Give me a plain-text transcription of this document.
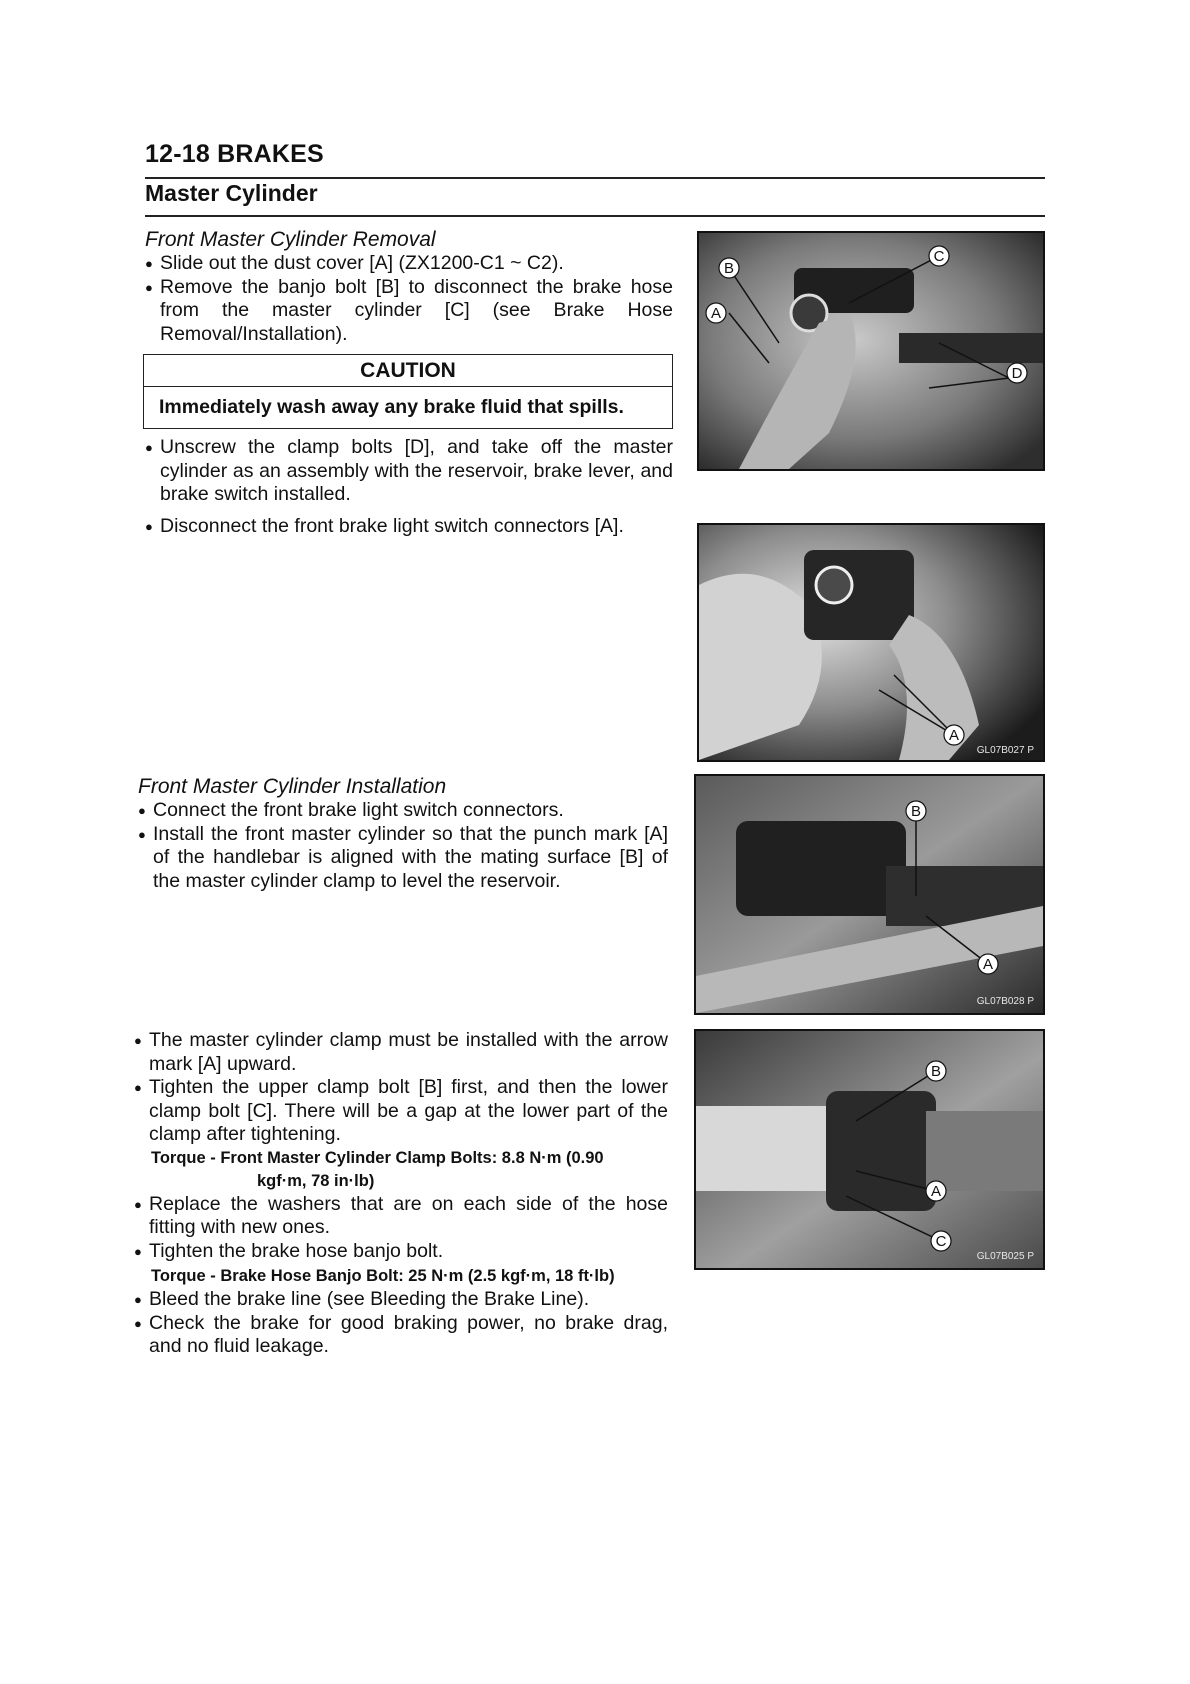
12-18 BRAKES
Master Cylinder
Front Master Cylinder Removal
● Slide out the dust cover [A] (ZX1200-C1 ~ C2).
● Remove the banjo bolt [B] to disconnect the brake hose from the master cylinder [C] (see Brake Hose Removal/Installation).
CAUTION
Immediately wash away any brake fluid that spills.
● Unscrew the clamp bolts [D], and take off the master cylinder as an assembly with the reservoir, brake lever, and brake switch installed.
● Disconnect the front brake light switch connectors [A].
Front Master Cylinder Installation
● Connect the front brake light switch connectors.
● Install the front master cylinder so that the punch mark [A] of the handlebar is aligned with the mating surface [B] of the master cylinder clamp to level the reservoir.
● The master cylinder clamp must be installed with the arrow mark [A] upward.
● Tighten the upper clamp bolt [B] first, and then the lower clamp bolt [C]. There will be a gap at the lower part of the clamp after tightening.
Torque - Front Master Cylinder Clamp Bolts: 8.8 N·m (0.90
kgf·m, 78 in·lb)
● Replace the washers that are on each side of the hose fitting with new ones.
● Tighten the brake hose banjo bolt.
Torque - Brake Hose Banjo Bolt: 25 N·m (2.5 kgf·m, 18 ft·lb)
● Bleed the brake line (see Bleeding the Brake Line).
● Check the brake for good braking power, no brake drag, and no fluid leakage.
B
A
C
D
A
GL07B027 P
B
A
GL07B028 P
B
A
C
GL07B025 P
